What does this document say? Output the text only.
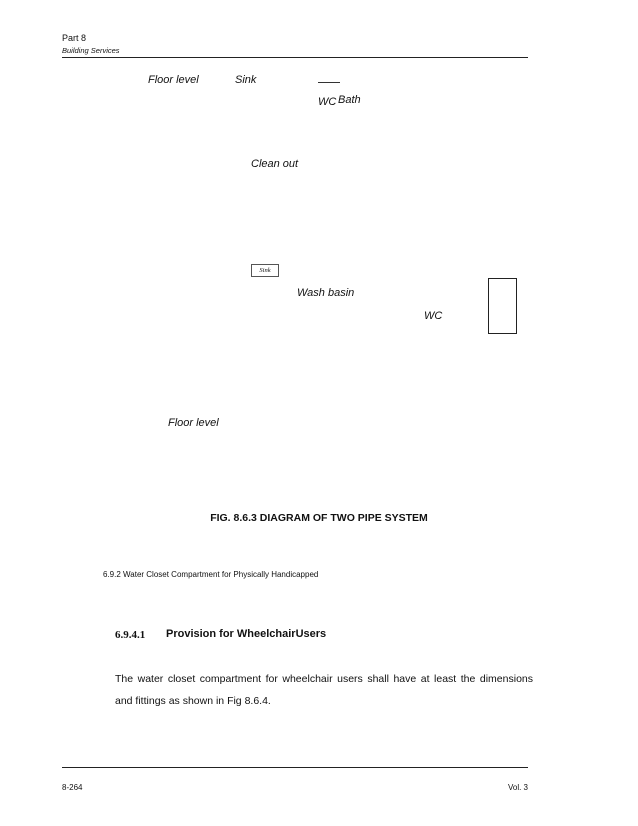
Part 8
Building Services
Floor level	Sink
WC Bath
Clean out
Sink
Wash basin
WC
Floor level
FIG. 8.6.3 DIAGRAM OF TWO PIPE SYSTEM
6.9.2 Water Closet Compartment for Physically Handicapped
6.9.4.1 Provision for WheelchairUsers
The water closet compartment for wheelchair users shall have at least the dimensions and fittings as shown in Fig 8.6.4.
8-264	Vol. 3
